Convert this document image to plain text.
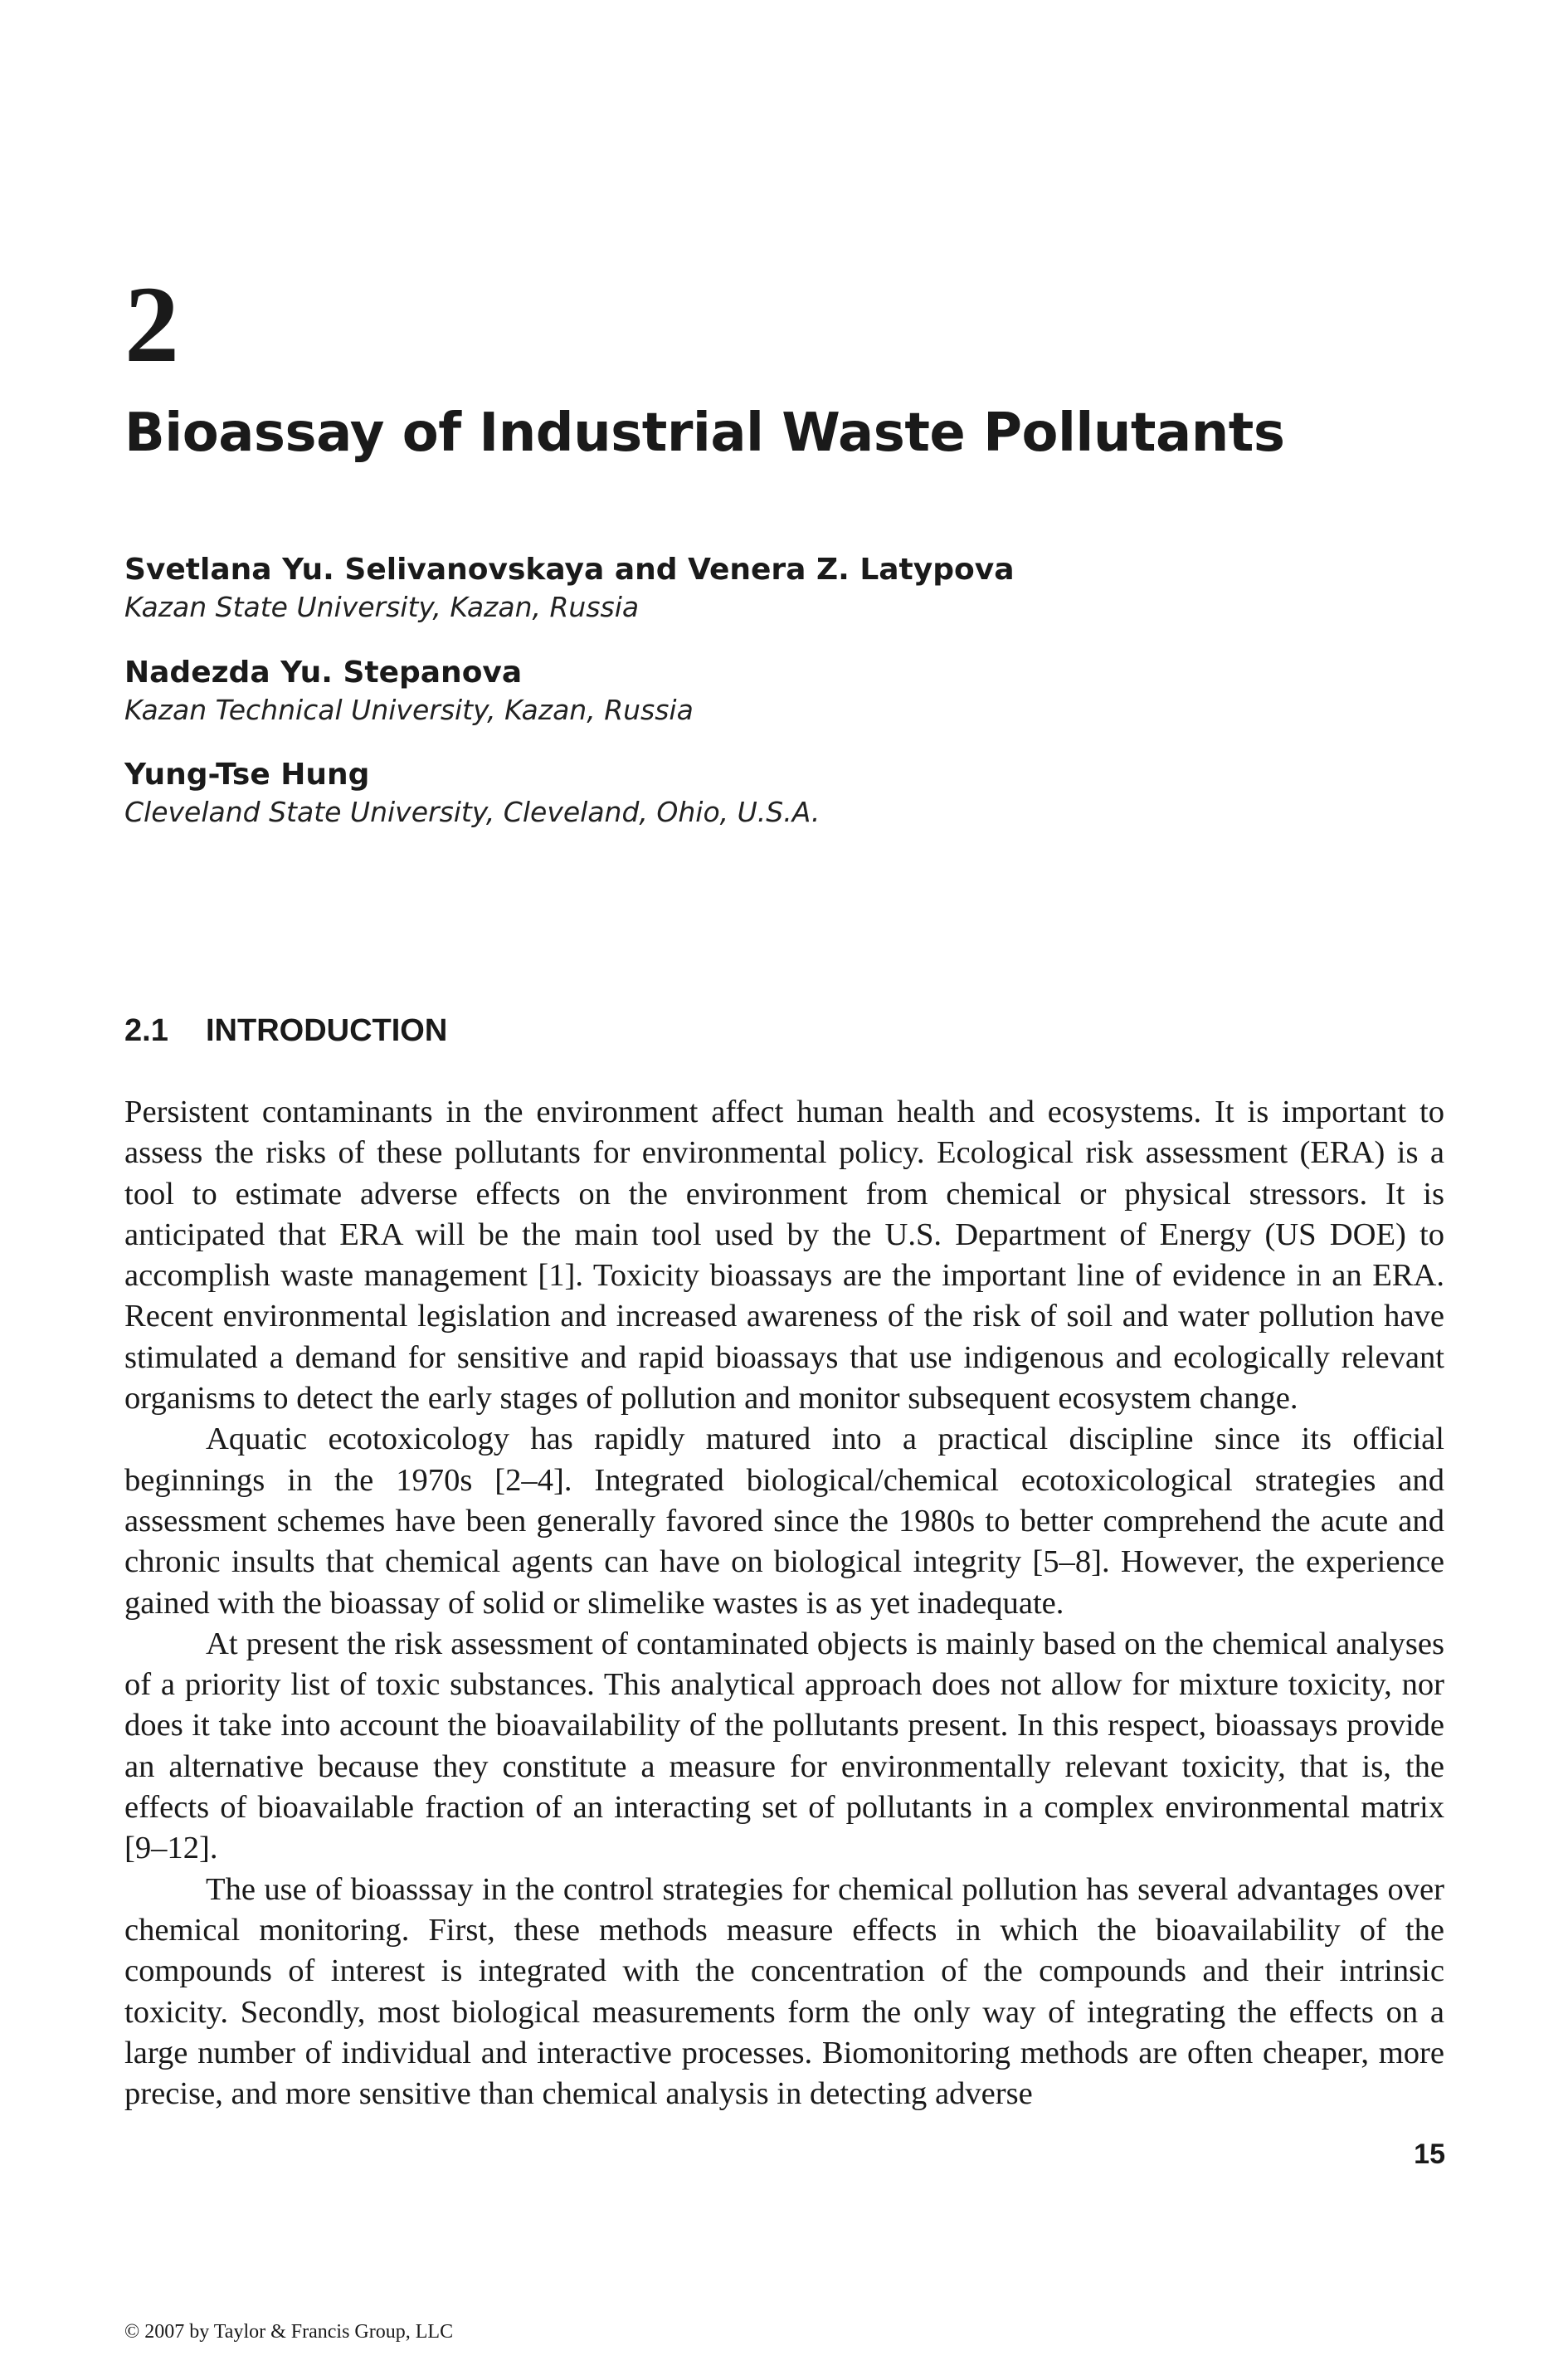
2
Bioassay of Industrial Waste Pollutants
Svetlana Yu. Selivanovskaya and Venera Z. Latypova
Kazan State University, Kazan, Russia
Nadezda Yu. Stepanova
Kazan Technical University, Kazan, Russia
Yung-Tse Hung
Cleveland State University, Cleveland, Ohio, U.S.A.
2.1 INTRODUCTION

Persistent contaminants in the environment affect human health and ecosystems. It is important to assess the risks of these pollutants for environmental policy. Ecological risk assessment (ERA) is a tool to estimate adverse effects on the environment from chemical or physical stressors. It is anticipated that ERA will be the main tool used by the U.S. Department of Energy (US DOE) to accomplish waste management [1]. Toxicity bioassays are the important line of evidence in an ERA. Recent environmental legislation and increased awareness of the risk of soil and water pollution have stimulated a demand for sensitive and rapid bioassays that use indigenous and ecologically relevant organisms to detect the early stages of pollution and monitor subsequent ecosystem change.

Aquatic ecotoxicology has rapidly matured into a practical discipline since its official beginnings in the 1970s [2–4]. Integrated biological/chemical ecotoxicological strategies and assessment schemes have been generally favored since the 1980s to better comprehend the acute and chronic insults that chemical agents can have on biological integrity [5–8]. However, the experience gained with the bioassay of solid or slimelike wastes is as yet inadequate.

At present the risk assessment of contaminated objects is mainly based on the chemical analyses of a priority list of toxic substances. This analytical approach does not allow for mixture toxicity, nor does it take into account the bioavailability of the pollutants present. In this respect, bioassays provide an alternative because they constitute a measure for environmentally relevant toxicity, that is, the effects of bioavailable fraction of an interacting set of pollutants in a complex environmental matrix [9–12].

The use of bioasssay in the control strategies for chemical pollution has several advantages over chemical monitoring. First, these methods measure effects in which the bioavailability of the compounds of interest is integrated with the concentration of the compounds and their intrinsic toxicity. Secondly, most biological measurements form the only way of integrating the effects on a large number of individual and interactive processes. Biomonitoring methods are often cheaper, more precise, and more sensitive than chemical analysis in detecting adverse

15
© 2007 by Taylor & Francis Group, LLC
